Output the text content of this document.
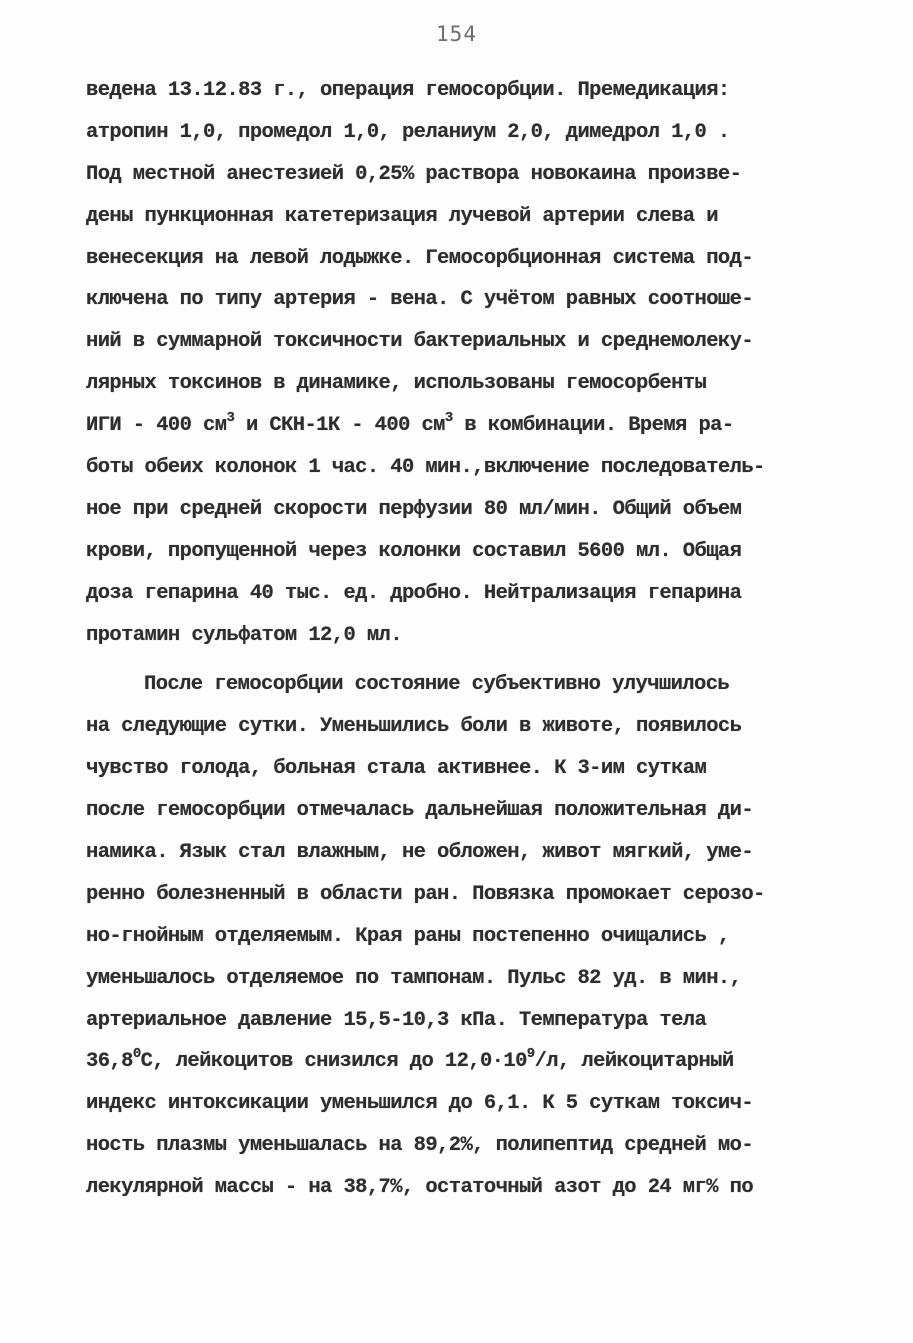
154
ведена 13.12.83 г., операция гемосорбции. Премедикация:
атропин 1,0, промедол 1,0, реланиум 2,0, димедрол 1,0 .
Под местной анестезией 0,25% раствора новокаина произве-
дены пункционная катетеризация лучевой артерии слева и
венесекция на левой лодыжке. Гемосорбционная система под-
ключена по типу артерия - вена. С учётом равных соотноше-
ний в суммарной токсичности бактериальных и среднемолеку-
лярных токсинов в динамике, использованы гемосорбенты
ИГИ - 400 $см^3$ и СКН-1К - 400 $см^3$ в комбинации. Время ра-
боты обеих колонок 1 час. 40 мин.,включение последователь-
ное при средней скорости перфузии 80 мл/мин. Общий объем
крови, пропущенной через колонки составил 5600 мл. Общая
доза гепарина 40 тыс. ед. дробно. Нейтрализация гепарина
протамин сульфатом 12,0 мл.
После гемосорбции состояние субъективно улучшилось
на следующие сутки. Уменьшились боли в животе, появилось
чувство голода, больная стала активнее. К 3-им суткам
после гемосорбции отмечалась дальнейшая положительная ди-
намика. Язык стал влажным, не обложен, живот мягкий, уме-
ренно болезненный в области ран. Повязка промокает серозо-
но-гнойным отделяемым. Края раны постепенно очищались ,
уменьшалось отделяемое по тампонам. Пульс 82 уд. в мин.,
артериальное давление 15,5-10,3 кПа. Температура тела
36,8$^0$С, лейкоцитов снизился до $12,0\cdot 10^9/л$, лейкоцитарный
индекс интоксикации уменьшился до 6,1. К 5 суткам токсич-
ность плазмы уменьшалась на 89,2%, полипептид средней мо-
лекулярной массы - на 38,7%, остаточный азот до 24 мг% по
